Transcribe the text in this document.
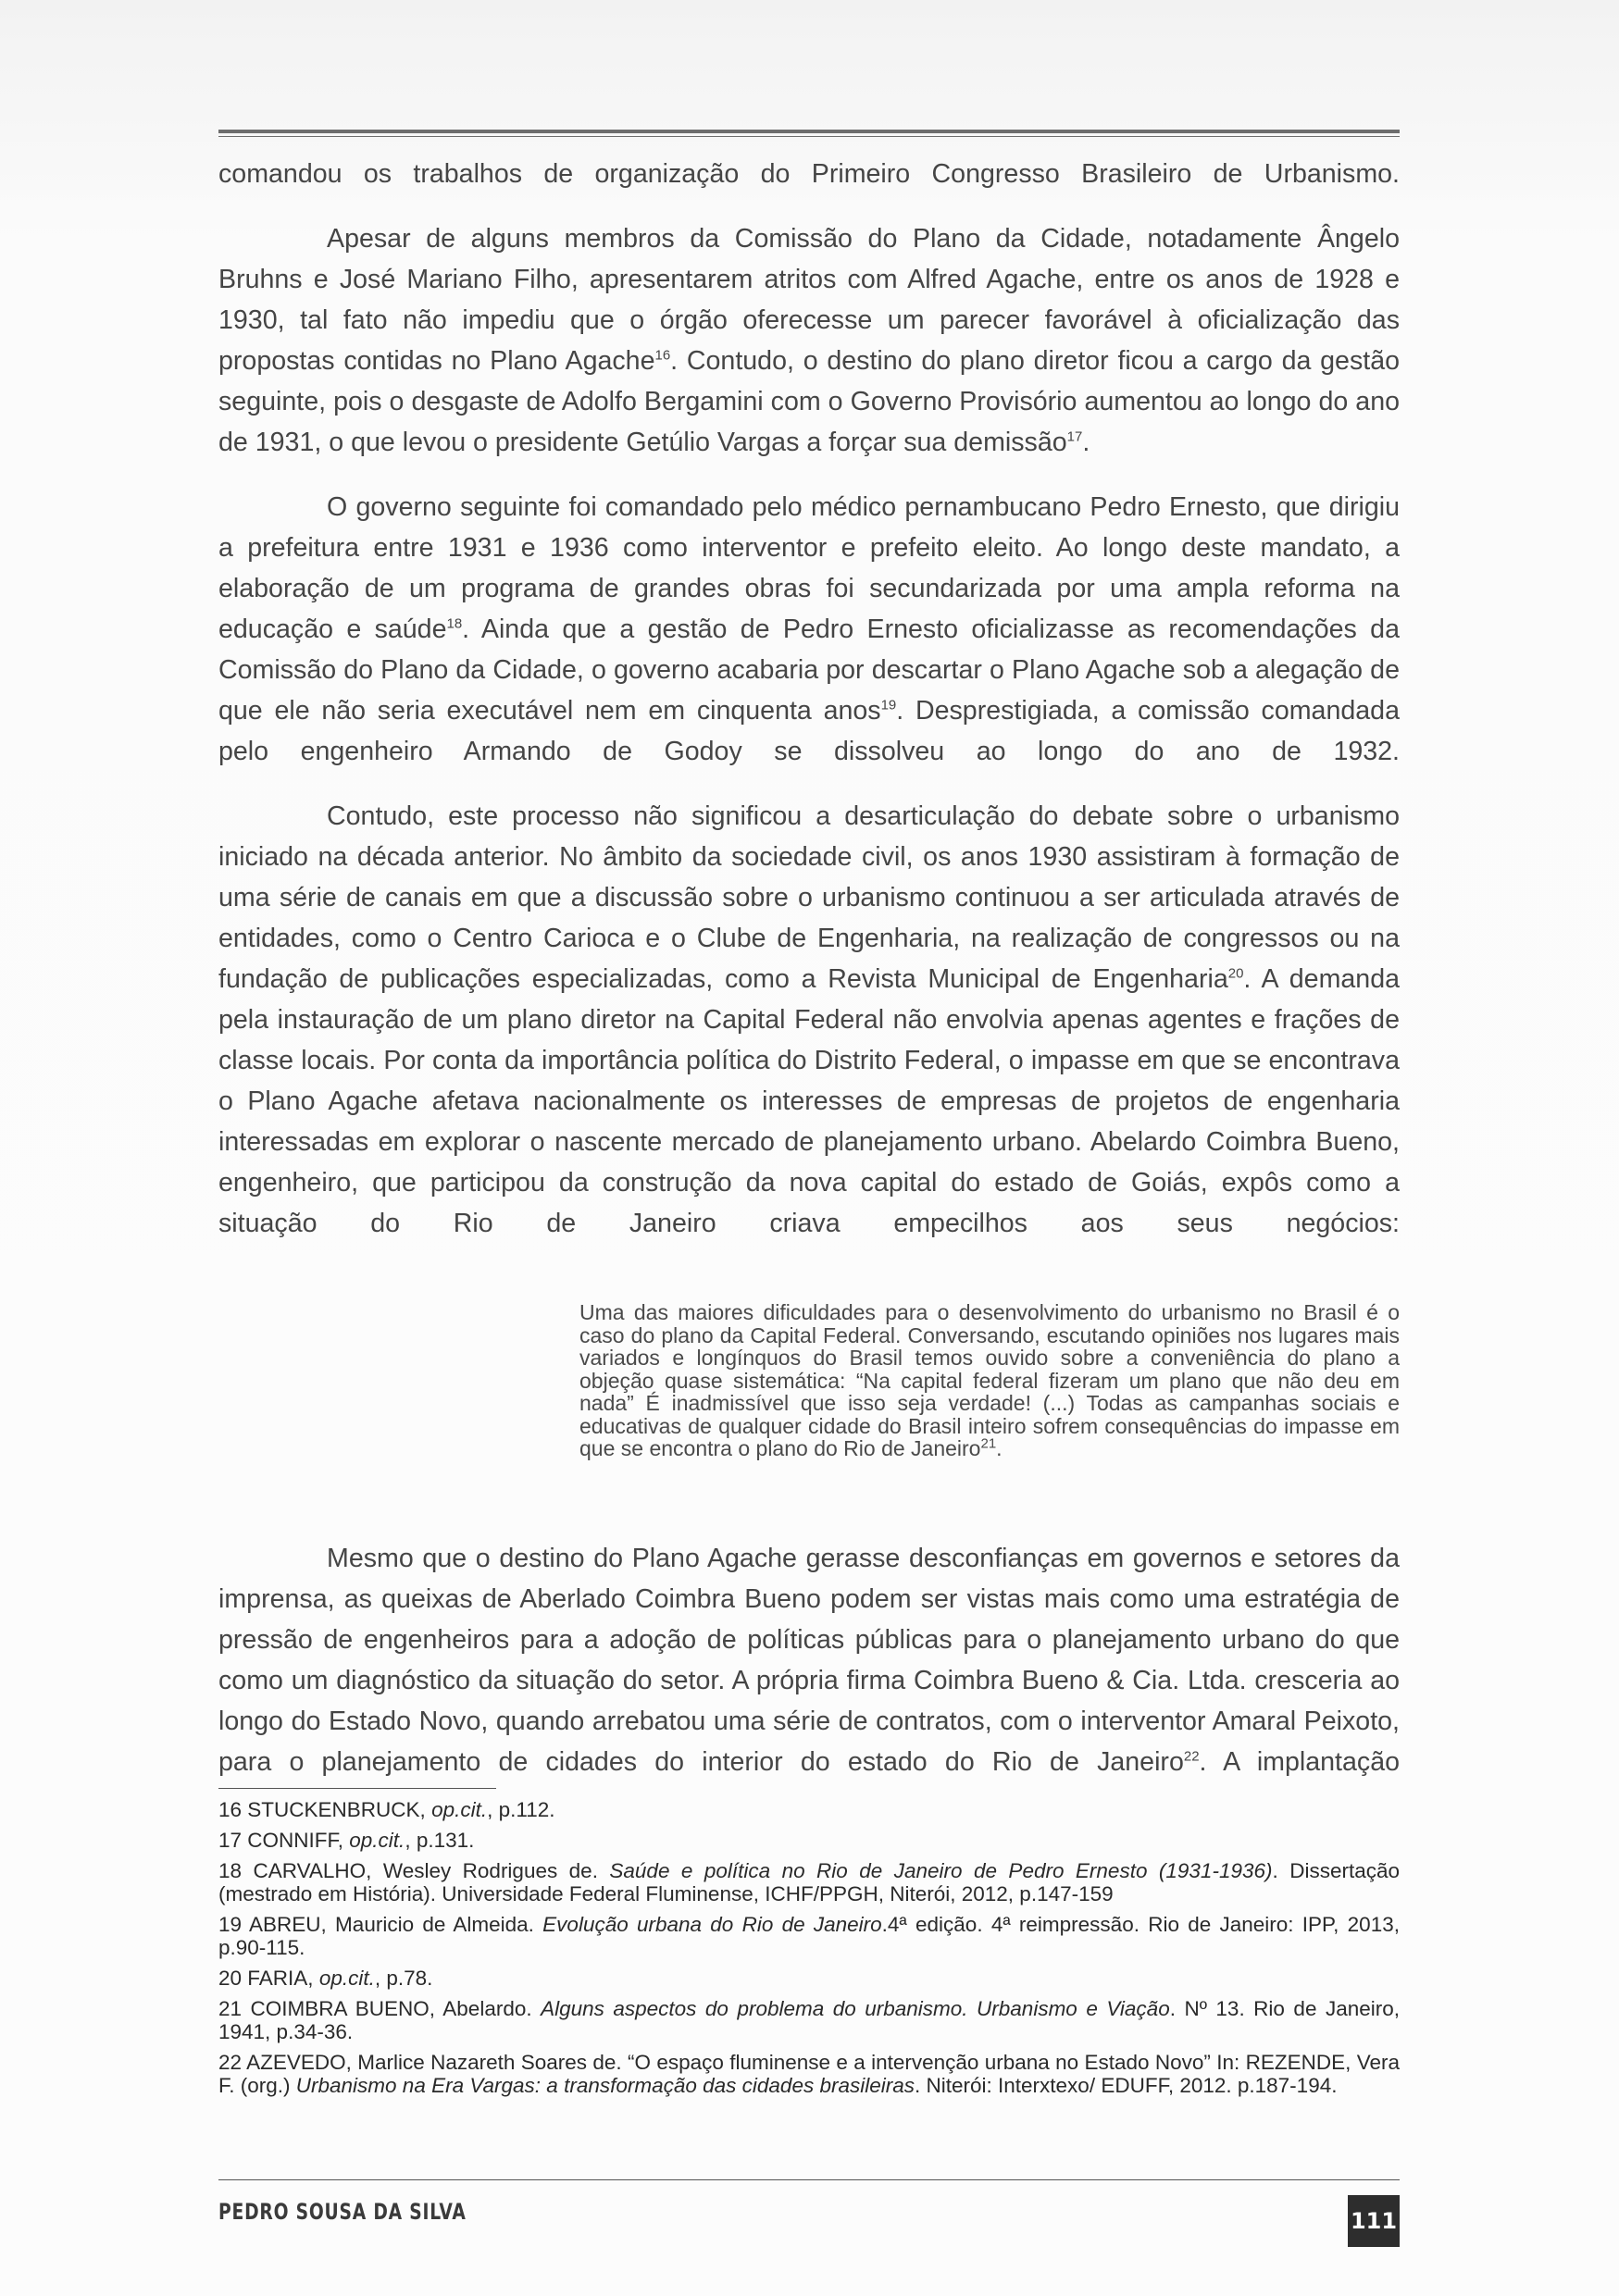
comandou os trabalhos de organização do Primeiro Congresso Brasileiro de Urbanismo.

Apesar de alguns membros da Comissão do Plano da Cidade, notadamente Ângelo Bruhns e José Mariano Filho, apresentarem atritos com Alfred Agache, entre os anos de 1928 e 1930, tal fato não impediu que o órgão oferecesse um parecer favorável à oficialização das propostas contidas no Plano Agache$^{16}$. Contudo, o destino do plano diretor ficou a cargo da gestão seguinte, pois o desgaste de Adolfo Bergamini com o Governo Provisório aumentou ao longo do ano de 1931, o que levou o presidente Getúlio Vargas a forçar sua demissão$^{17}$.

O governo seguinte foi comandado pelo médico pernambucano Pedro Ernesto, que dirigiu a prefeitura entre 1931 e 1936 como interventor e prefeito eleito. Ao longo deste mandato, a elaboração de um programa de grandes obras foi secundarizada por uma ampla reforma na educação e saúde$^{18}$. Ainda que a gestão de Pedro Ernesto oficializasse as recomendações da Comissão do Plano da Cidade, o governo acabaria por descartar o Plano Agache sob a alegação de que ele não seria executável nem em cinquenta anos$^{19}$. Desprestigiada, a comissão comandada pelo engenheiro Armando de Godoy se dissolveu ao longo do ano de 1932.

Contudo, este processo não significou a desarticulação do debate sobre o urbanismo iniciado na década anterior. No âmbito da sociedade civil, os anos 1930 assistiram à formação de uma série de canais em que a discussão sobre o urbanismo continuou a ser articulada através de entidades, como o Centro Carioca e o Clube de Engenharia, na realização de congressos ou na fundação de publicações especializadas, como a Revista Municipal de Engenharia$^{20}$. A demanda pela instauração de um plano diretor na Capital Federal não envolvia apenas agentes e frações de classe locais. Por conta da importância política do Distrito Federal, o impasse em que se encontrava o Plano Agache afetava nacionalmente os interesses de empresas de projetos de engenharia interessadas em explorar o nascente mercado de planejamento urbano. Abelardo Coimbra Bueno, engenheiro, que participou da construção da nova capital do estado de Goiás, expôs como a situação do Rio de Janeiro criava empecilhos aos seus negócios:

Uma das maiores dificuldades para o desenvolvimento do urbanismo no Brasil é o caso do plano da Capital Federal. Conversando, escutando opiniões nos lugares mais variados e longínquos do Brasil temos ouvido sobre a conveniência do plano a objeção quase sistemática: “Na capital federal fizeram um plano que não deu em nada” É inadmissível que isso seja verdade! (...) Todas as campanhas sociais e educativas de qualquer cidade do Brasil inteiro sofrem consequências do impasse em que se encontra o plano do Rio de Janeiro$^{21}$.

Mesmo que o destino do Plano Agache gerasse desconfianças em governos e setores da imprensa, as queixas de Aberlado Coimbra Bueno podem ser vistas mais como uma estratégia de pressão de engenheiros para a adoção de políticas públicas para o planejamento urbano do que como um diagnóstico da situação do setor. A própria firma Coimbra Bueno & Cia. Ltda. cresceria ao longo do Estado Novo, quando arrebatou uma série de contratos, com o interventor Amaral Peixoto, para o planejamento de cidades do interior do estado do Rio de Janeiro$^{22}$. A implantação

16 STUCKENBRUCK, op.cit., p.112.
17 CONNIFF, op.cit., p.131.
18 CARVALHO, Wesley Rodrigues de. Saúde e política no Rio de Janeiro de Pedro Ernesto (1931-1936). Dissertação (mestrado em História). Universidade Federal Fluminense, ICHF/PPGH, Niterói, 2012, p.147-159
19 ABREU, Mauricio de Almeida. Evolução urbana do Rio de Janeiro.4ª edição. 4ª reimpressão. Rio de Janeiro: IPP, 2013, p.90-115.
20 FARIA, op.cit., p.78.
21 COIMBRA BUENO, Abelardo. Alguns aspectos do problema do urbanismo. Urbanismo e Viação. Nº 13. Rio de Janeiro, 1941, p.34-36.
22 AZEVEDO, Marlice Nazareth Soares de. “O espaço fluminense e a intervenção urbana no Estado Novo” In: REZENDE, Vera F. (org.) Urbanismo na Era Vargas: a transformação das cidades brasileiras. Niterói: Interxtexo/ EDUFF, 2012. p.187-194.
PEDRO SOUSA DA SILVA	111
